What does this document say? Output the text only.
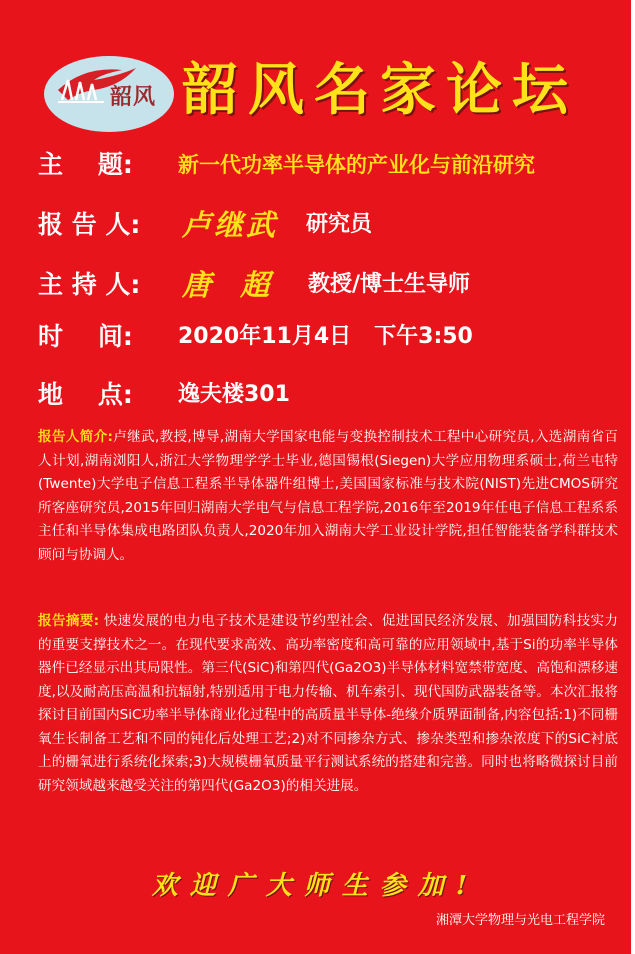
韶风 韶风名家论坛
主    题: 新一代功率半导体的产业化与前沿研究
报 告 人: 卢继武 研究员
主 持 人: 唐  超 教授/博士生导师
时    间: 2020年11月4日   下午3:50
地    点: 逸夫楼301
报告人简介:卢继武,教授,博导,湖南大学国家电能与变换控制技术工程中心研究员,入选湖南省百人计划,湖南浏阳人,浙江大学物理学学士毕业,德国锡根(Siegen)大学应用物理系硕士,荷兰屯特(Twente)大学电子信息工程系半导体器件组博士,美国国家标准与技术院(NIST)先进CMOS研究所客座研究员,2015年回归湖南大学电气与信息工程学院,2016年至2019年任电子信息工程系系主任和半导体集成电路团队负责人,2020年加入湖南大学工业设计学院,担任智能装备学科群技术顾问与协调人。
报告摘要: 快速发展的电力电子技术是建设节约型社会、促进国民经济发展、加强国防科技实力的重要支撑技术之一。在现代要求高效、高功率密度和高可靠的应用领域中,基于Si的功率半导体器件已经显示出其局限性。第三代(SiC)和第四代(Ga2O3)半导体材料宽禁带宽度、高饱和漂移速度,以及耐高压高温和抗辐射,特别适用于电力传输、机车索引、现代国防武器装备等。本次汇报将探讨目前国内SiC功率半导体商业化过程中的高质量半导体-绝缘介质界面制备,内容包括:1)不同栅氧生长制备工艺和不同的钝化后处理工艺;2)对不同掺杂方式、掺杂类型和掺杂浓度下的SiC衬底上的栅氧进行系统化探索;3)大规模栅氧质量平行测试系统的搭建和完善。同时也将略微探讨目前研究领域越来越受关注的第四代(Ga2O3)的相关进展。
欢迎广大师生参加!
湘潭大学物理与光电工程学院
